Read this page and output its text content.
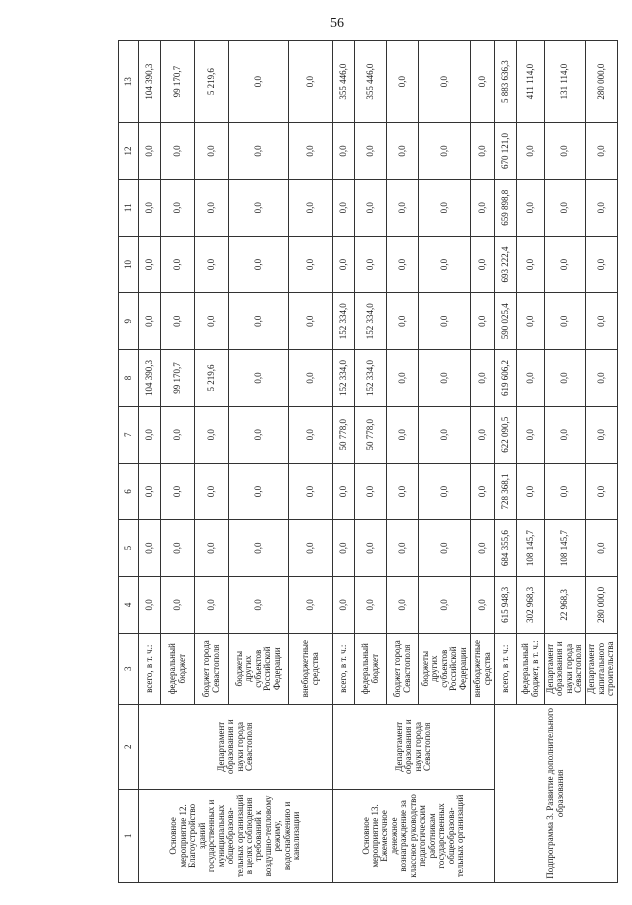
56
1	2	3	4	5	6	7	8	9	10	11	12	13
Основное мероприятие 12. Благоустройство зданий государственных и муниципальных общеобразова-тельных организаций в целях соблюдения требований к воздушно-тепловому режиму, водоснабжению и канализации	Департамент образования и науки города Севастополя	всего, в т. ч.:	0,0	0,0	0,0	0,0	104 390,3	0,0	0,0	0,0	0,0	104 390,3
		федеральный бюджет	0,0	0,0	0,0	0,0	99 170,7	0,0	0,0	0,0	0,0	99 170,7
		бюджет города Севастополя	0,0	0,0	0,0	0,0	5 219,6	0,0	0,0	0,0	0,0	5 219,6
		бюджеты других субъектов Российской Федерации	0,0	0,0	0,0	0,0	0,0	0,0	0,0	0,0	0,0	0,0
		внебюджетные средства	0,0	0,0	0,0	0,0	0,0	0,0	0,0	0,0	0,0	0,0
Основное мероприятие 13. Ежемесячное денежное вознаграждение за классное руководство педагогическим работникам государственных общеобразова-тельных организаций	Департамент образования и науки города Севастополя	всего, в т. ч.:	0,0	0,0	0,0	50 778,0	152 334,0	152 334,0	0,0	0,0	0,0	355 446,0
		федеральный бюджет	0,0	0,0	0,0	50 778,0	152 334,0	152 334,0	0,0	0,0	0,0	355 446,0
		бюджет города Севастополя	0,0	0,0	0,0	0,0	0,0	0,0	0,0	0,0	0,0	0,0
		бюджеты других субъектов Российской Федерации	0,0	0,0	0,0	0,0	0,0	0,0	0,0	0,0	0,0	0,0
		внебюджетные средства	0,0	0,0	0,0	0,0	0,0	0,0	0,0	0,0	0,0	0,0
Подпрограмма 3. Развитие дополнительного образования		всего, в т. ч.:	615 948,3	684 355,6	728 368,1	622 090,5	619 606,2	590 025,4	693 222,4	659 898,8	670 121,0	5 883 636,3
		федеральный бюджет, в т. ч.:	302 968,3	108 145,7	0,0	0,0	0,0	0,0	0,0	0,0	0,0	411 114,0
		Департамент образования и науки города Севастополя	22 968,3	108 145,7	0,0	0,0	0,0	0,0	0,0	0,0	0,0	131 114,0
		Департамент капитального строительства	280 000,0	0,0	0,0	0,0	0,0	0,0	0,0	0,0	0,0	280 000,0
